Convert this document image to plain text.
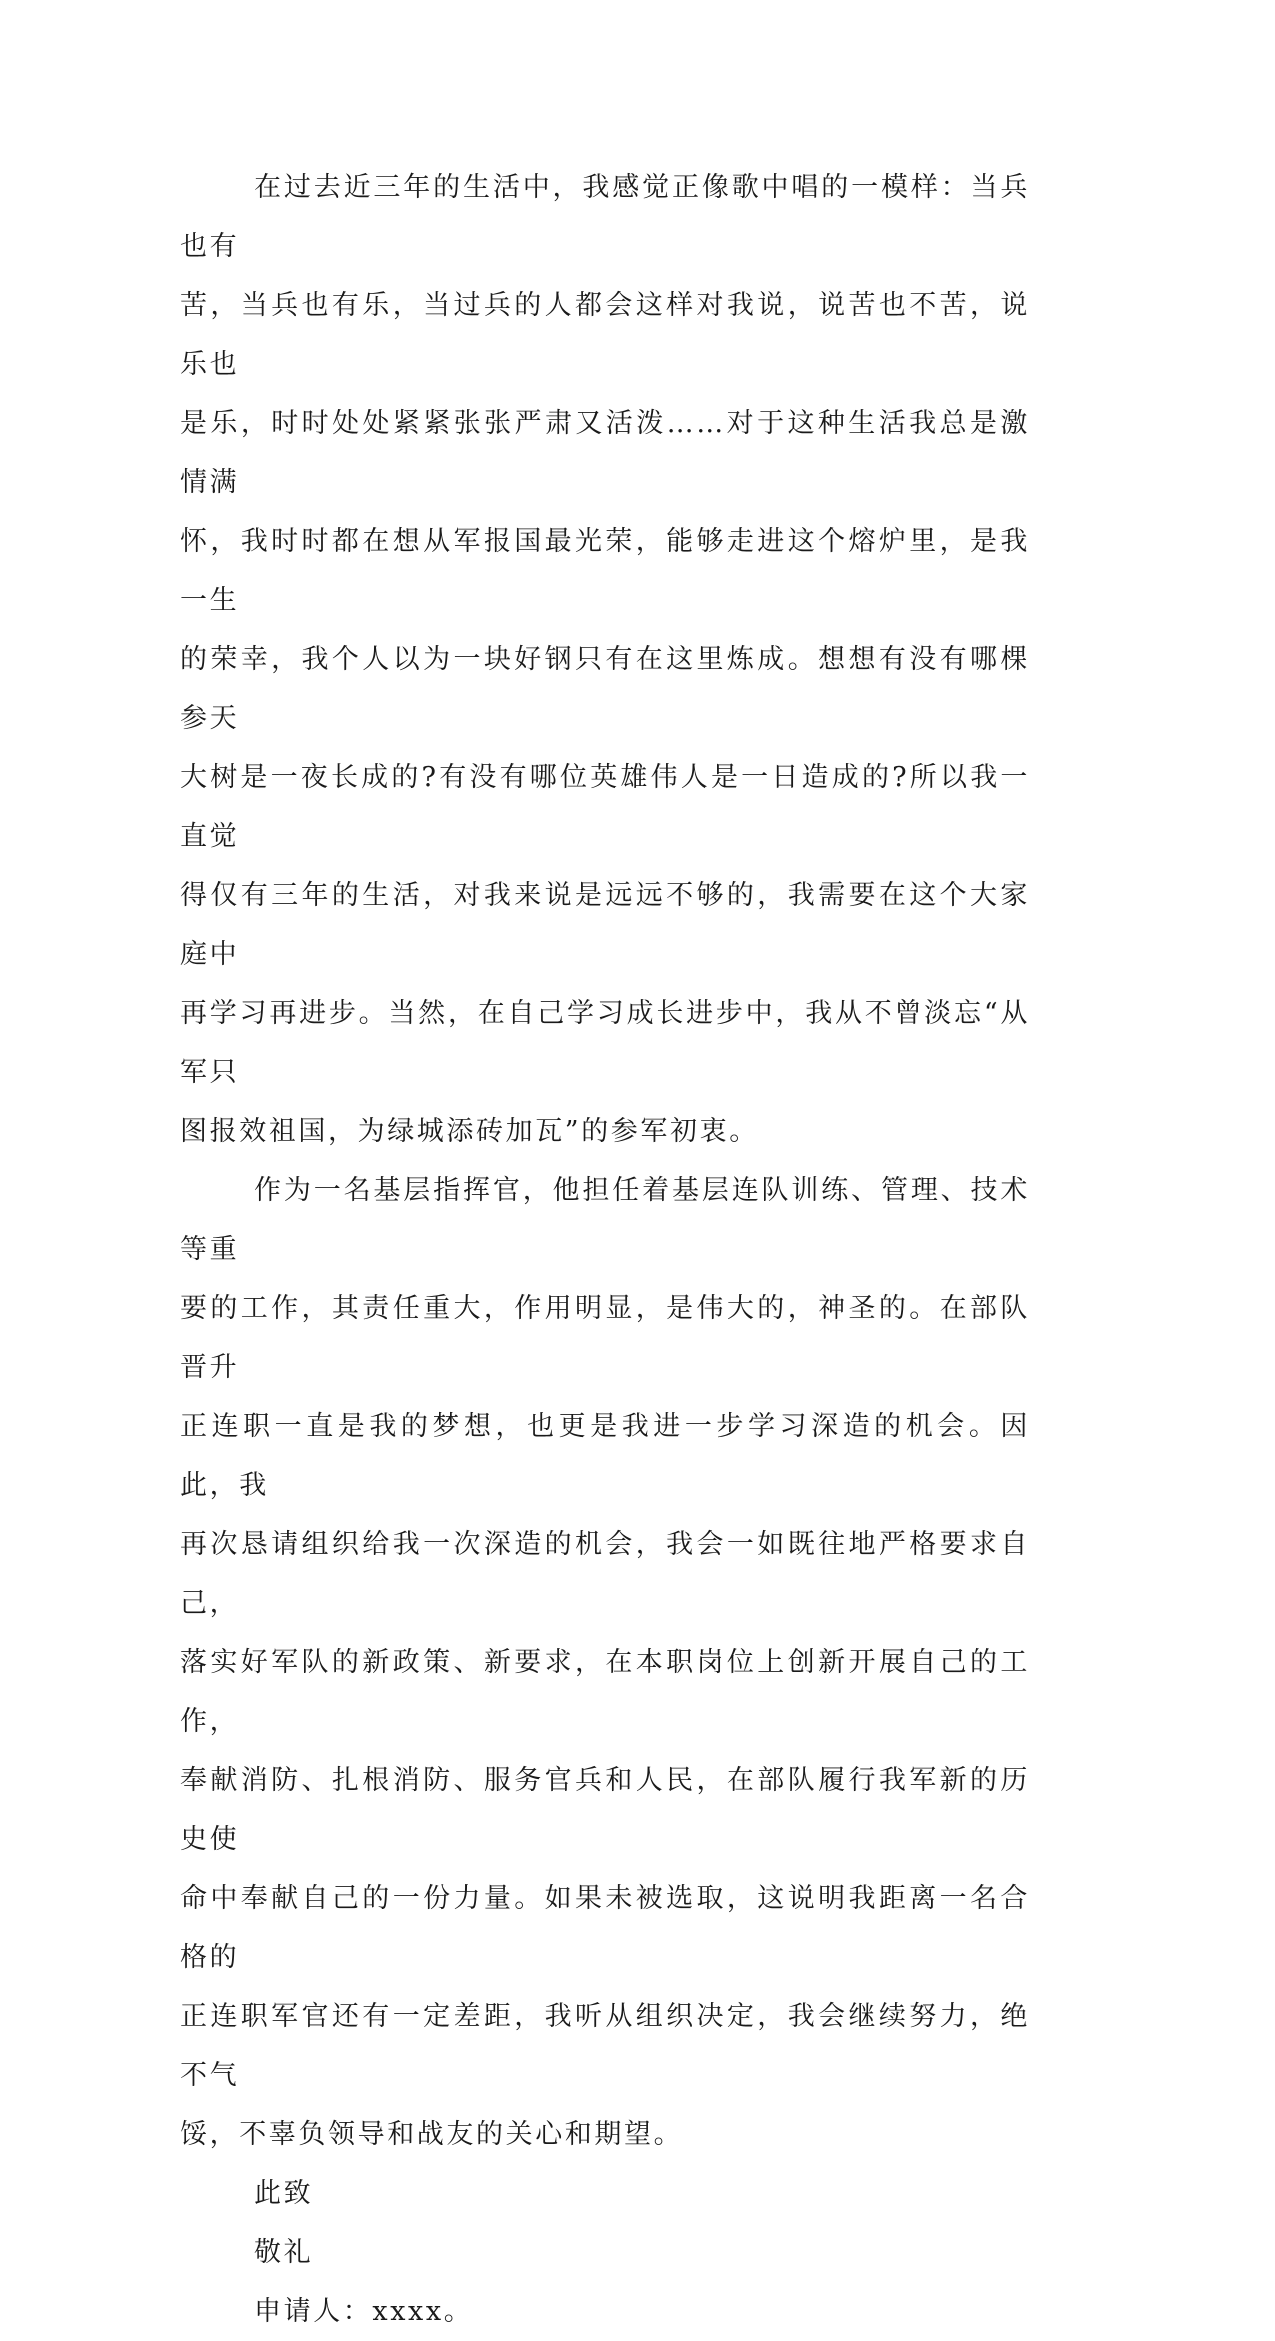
在过去近三年的生活中，我感觉正像歌中唱的一模样：当兵也有
苦，当兵也有乐，当过兵的人都会这样对我说，说苦也不苦，说乐也
是乐，时时处处紧紧张张严肃又活泼……对于这种生活我总是激情满
怀，我时时都在想从军报国最光荣，能够走进这个熔炉里，是我一生
的荣幸，我个人以为一块好钢只有在这里炼成。想想有没有哪棵参天
大树是一夜长成的?有没有哪位英雄伟人是一日造成的?所以我一直觉
得仅有三年的生活，对我来说是远远不够的，我需要在这个大家庭中
再学习再进步。当然，在自己学习成长进步中，我从不曾淡忘“从军只
图报效祖国，为绿城添砖加瓦”的参军初衷。

作为一名基层指挥官，他担任着基层连队训练、管理、技术等重
要的工作，其责任重大，作用明显，是伟大的，神圣的。在部队晋升
正连职一直是我的梦想，也更是我进一步学习深造的机会。因此，我
再次恳请组织给我一次深造的机会，我会一如既往地严格要求自己，
落实好军队的新政策、新要求，在本职岗位上创新开展自己的工作，
奉献消防、扎根消防、服务官兵和人民，在部队履行我军新的历史使
命中奉献自己的一份力量。如果未被选取，这说明我距离一名合格的
正连职军官还有一定差距，我听从组织决定，我会继续努力，绝不气
馁，不辜负领导和战友的关心和期望。

此致

敬礼

申请人：xxxx。
